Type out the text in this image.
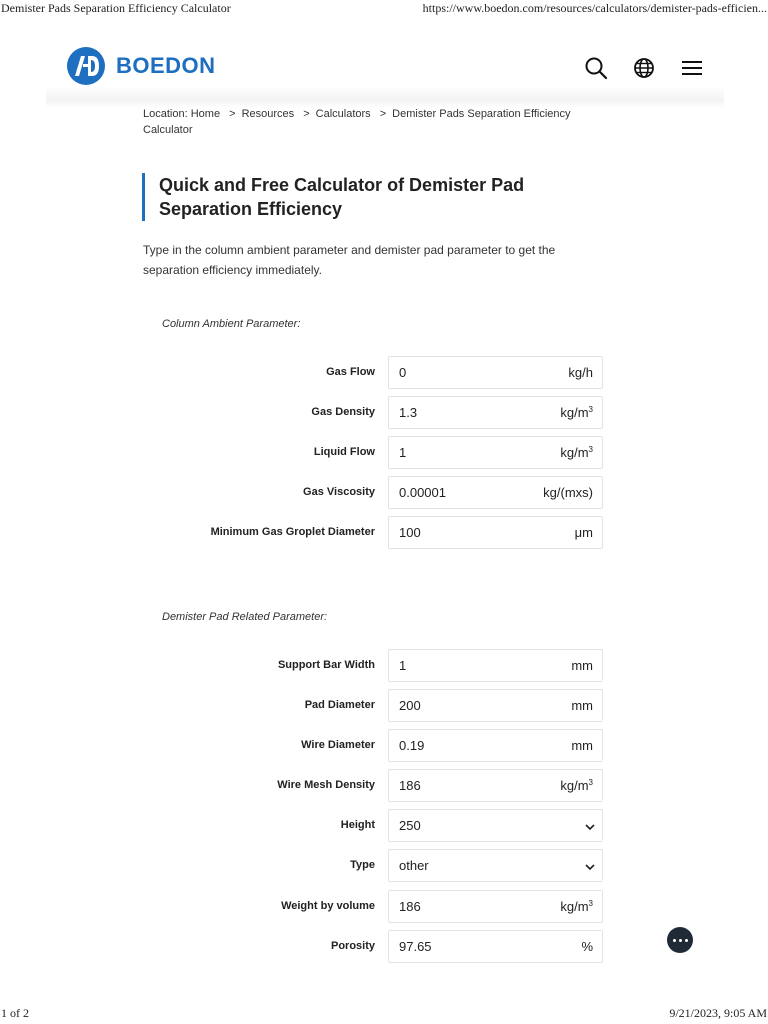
Demister Pads Separation Efficiency Calculator	https://www.boedon.com/resources/calculators/demister-pads-efficien...
BOEDON
Location: Home > Resources > Calculators > Demister Pads Separation Efficiency Calculator
Quick and Free Calculator of Demister Pad Separation Efficiency

Type in the column ambient parameter and demister pad parameter to get the separation efficiency immediately.

Column Ambient Parameter:
Gas Flow 0	kg/h
Gas Density 1.3	$kg/m^3$
Liquid Flow 1	$kg/m^3$
Gas Viscosity 0.00001	kg/(mxs)
Minimum Gas Groplet Diameter 100	μm
Demister Pad Related Parameter:
Support Bar Width 1	mm
Pad Diameter 200	mm
Wire Diameter 0.19	mm
Wire Mesh Density 186	$kg/m^3$
Height 250
Type other
Weight by volume 186	$kg/m^3$
Porosity 97.65	%
1 of 2	9/21/2023, 9:05 AM
